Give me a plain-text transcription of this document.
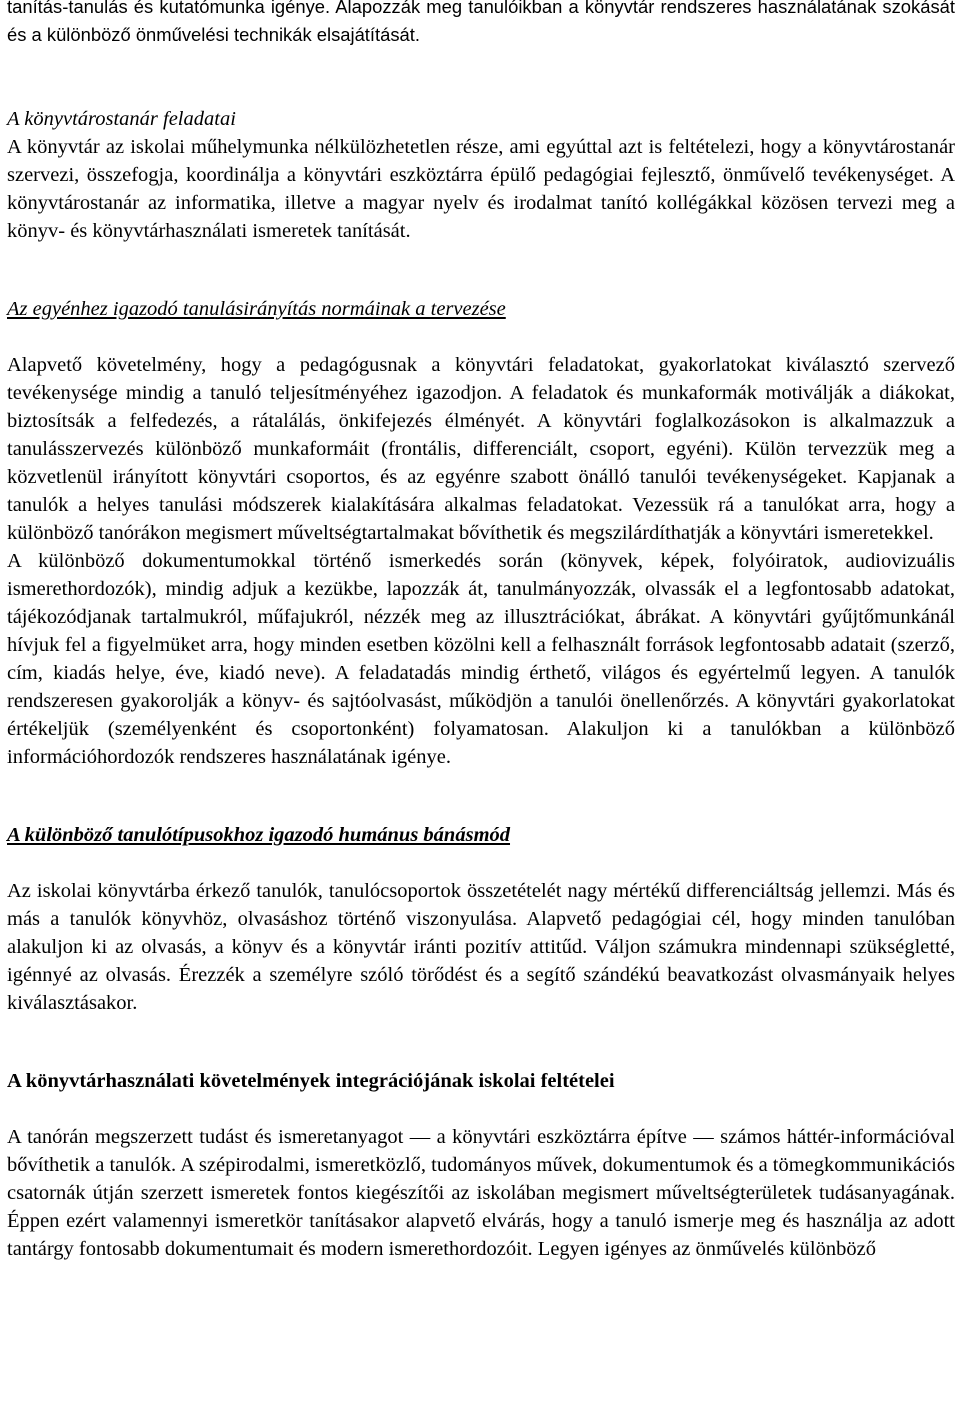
tanítás-tanulás és kutatómunka igénye. Alapozzák meg tanulóikban a könyvtár rendszeres használatának szokását és a különböző önművelési technikák elsajátítását.

A könyvtárostanár feladatai

A könyvtár az iskolai műhelymunka nélkülözhetetlen része, ami egyúttal azt is feltételezi, hogy a könyvtárostanár szervezi, összefogja, koordinálja a könyvtári eszköztárra épülő pedagógiai fejlesztő, önművelő tevékenységet. A könyvtárostanár az informatika, illetve a magyar nyelv és irodalmat tanító kollégákkal közösen tervezi meg a könyv- és könyvtárhasználati ismeretek tanítását.

Az egyénhez igazodó tanulásirányítás normáinak a tervezése

Alapvető követelmény, hogy a pedagógusnak a könyvtári feladatokat, gyakorlatokat kiválasztó szervező tevékenysége mindig a tanuló teljesítményéhez igazodjon. A feladatok és munkaformák motiválják a diákokat, biztosítsák a felfedezés, a rátalálás, önkifejezés élményét. A könyvtári foglalkozásokon is alkalmazzuk a tanulásszervezés különböző munkaformáit (frontális, differenciált, csoport, egyéni). Külön tervezzük meg a közvetlenül irányított könyvtári csoportos, és az egyénre szabott önálló tanulói tevékenységeket. Kapjanak a tanulók a helyes tanulási módszerek kialakítására alkalmas feladatokat. Vezessük rá a tanulókat arra, hogy a különböző tanórákon megismert műveltségtartalmakat bővíthetik és megszilárdíthatják a könyvtári ismeretekkel.

A különböző dokumentumokkal történő ismerkedés során (könyvek, képek, folyóiratok, audiovizuális ismerethordozók), mindig adjuk a kezükbe, lapozzák át, tanulmányozzák, olvassák el a legfontosabb adatokat, tájékozódjanak tartalmukról, műfajukról, nézzék meg az illusztrációkat, ábrákat. A könyvtári gyűjtőmunkánál hívjuk fel a figyelmüket arra, hogy minden esetben közölni kell a felhasznált források legfontosabb adatait (szerző, cím, kiadás helye, éve, kiadó neve). A feladatadás mindig érthető, világos és egyértelmű legyen. A tanulók rendszeresen gyakorolják a könyv- és sajtóolvasást, működjön a tanulói önellenőrzés. A könyvtári gyakorlatokat értékeljük (személyenként és csoportonként) folyamatosan. Alakuljon ki a tanulókban a különböző információhordozók rendszeres használatának igénye.

A különböző tanulótípusokhoz igazodó humánus bánásmód

Az iskolai könyvtárba érkező tanulók, tanulócsoportok összetételét nagy mértékű differenciáltság jellemzi. Más és más a tanulók könyvhöz, olvasáshoz történő viszonyulása. Alapvető pedagógiai cél, hogy minden tanulóban alakuljon ki az olvasás, a könyv és a könyvtár iránti pozitív attitűd. Váljon számukra mindennapi szükségletté, igénnyé az olvasás. Érezzék a személyre szóló törődést és a segítő szándékú beavatkozást olvasmányaik helyes kiválasztásakor.

A könyvtárhasználati követelmények integrációjának iskolai feltételei

A tanórán megszerzett tudást és ismeretanyagot — a könyvtári eszköztárra építve — számos háttér-információval bővíthetik a tanulók. A szépirodalmi, ismeretközlő, tudományos művek, dokumentumok és a tömegkommunikációs csatornák útján szerzett ismeretek fontos kiegészítői az iskolában megismert műveltségterületek tudásanyagának. Éppen ezért valamennyi ismeretkör tanításakor alapvető elvárás, hogy a tanuló ismerje meg és használja az adott tantárgy fontosabb dokumentumait és modern ismerethordozóit. Legyen igényes az önművelés különböző
